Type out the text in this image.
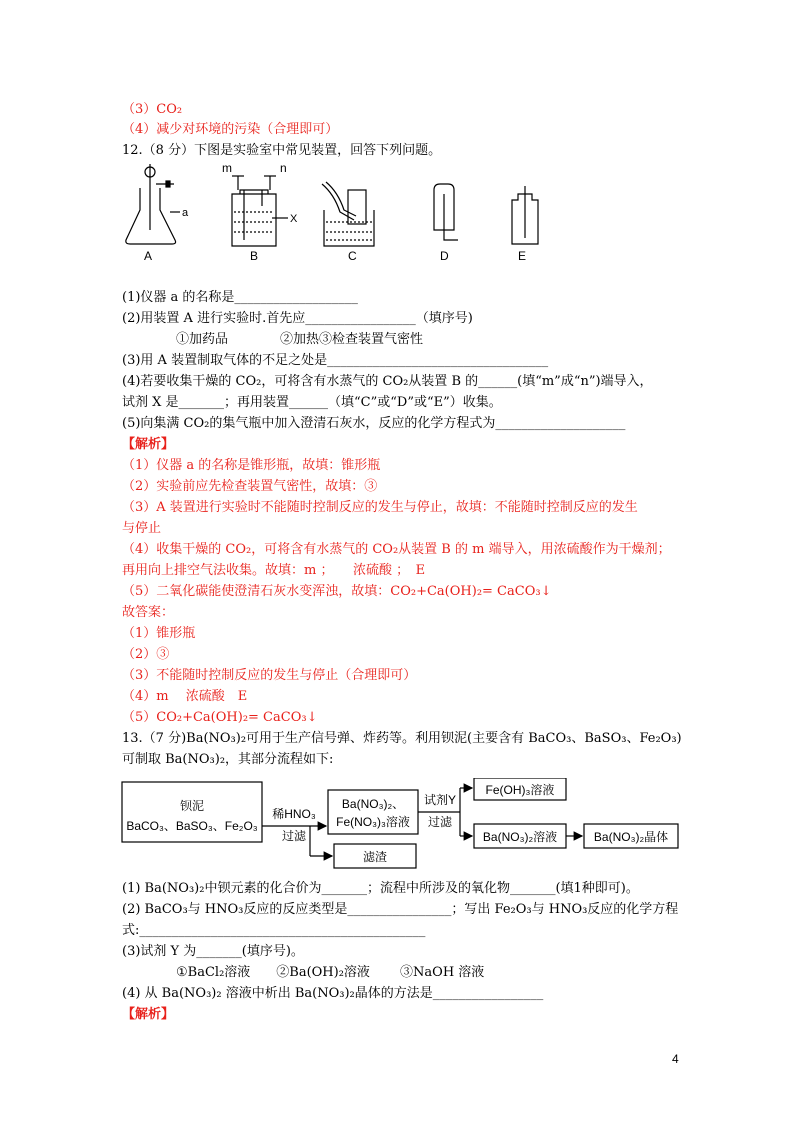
（3）CO₂
（4）减少对环境的污染（合理即可）
12.（8 分）下图是实验室中常见装置，回答下列问题。
a
A
m	n
X
B	C	D	E
(1)仪器 a 的名称是___________________
(2)用装置 A 进行实验时.首先应_________________（填序号)
①加药品　　　　②加热③检查装置气密性
(3)用 A 装置制取气体的不足之处是__________________________________
(4)若要收集干燥的 CO₂，可将含有水蒸气的 CO₂从装置 B 的______(填“m”成“n”)端导入，
试剂 X 是_______；再用装置______（填“C”或“D”或“E”）收集。
(5)向集满 CO₂的集气瓶中加入澄清石灰水，反应的化学方程式为____________________
【解析】
（1）仪器 a 的名称是锥形瓶，故填：锥形瓶
（2）实验前应先检查装置气密性，故填：③
（3）A 装置进行实验时不能随时控制反应的发生与停止，故填：不能随时控制反应的发生
与停止
（4）收集干燥的 CO₂，可将含有水蒸气的 CO₂从装置 B 的 m 端导入，用浓硫酸作为干燥剂；
再用向上排空气法收集。故填：m ；　　浓硫酸 ；　E
（5）二氧化碳能使澄清石灰水变浑浊，故填：CO₂+Ca(OH)₂= CaCO₃↓
故答案：
（1）锥形瓶
（2）③
（3）不能随时控制反应的发生与停止（合理即可）
（4）m　 浓硫酸　E
（5）CO₂+Ca(OH)₂= CaCO₃↓
13.（7 分)Ba(NO₃)₂可用于生产信号弹、炸药等。利用钡泥(主要含有 BaCO₃、BaSO₃、Fe₂O₃)
可制取 Ba(NO₃)₂，其部分流程如下:
钡泥
BaCO₃、BaSO₃、Fe₂O₃
稀HNO₃
过滤
Ba(NO₃)₂、
Fe(NO₃)₃溶液
滤渣
试剂Y
过滤
Fe(OH)₃溶液
Ba(NO₃)₂溶液	Ba(NO₃)₂晶体
(1) Ba(NO₃)₂中钡元素的化合价为_______；流程中所涉及的氧化物_______(填1种即可)。
(2) BaCO₃与 HNO₃反应的反应类型是________________；写出 Fe₂O₃与 HNO₃反应的化学方程
式:____________________________________________
(3)试剂 Y 为_______(填序号)。
①BaCl₂溶液　　②Ba(OH)₂溶液　　 ③NaOH 溶液
(4) 从 Ba(NO₃)₂ 溶液中析出 Ba(NO₃)₂晶体的方法是_________________
【解析】
4
